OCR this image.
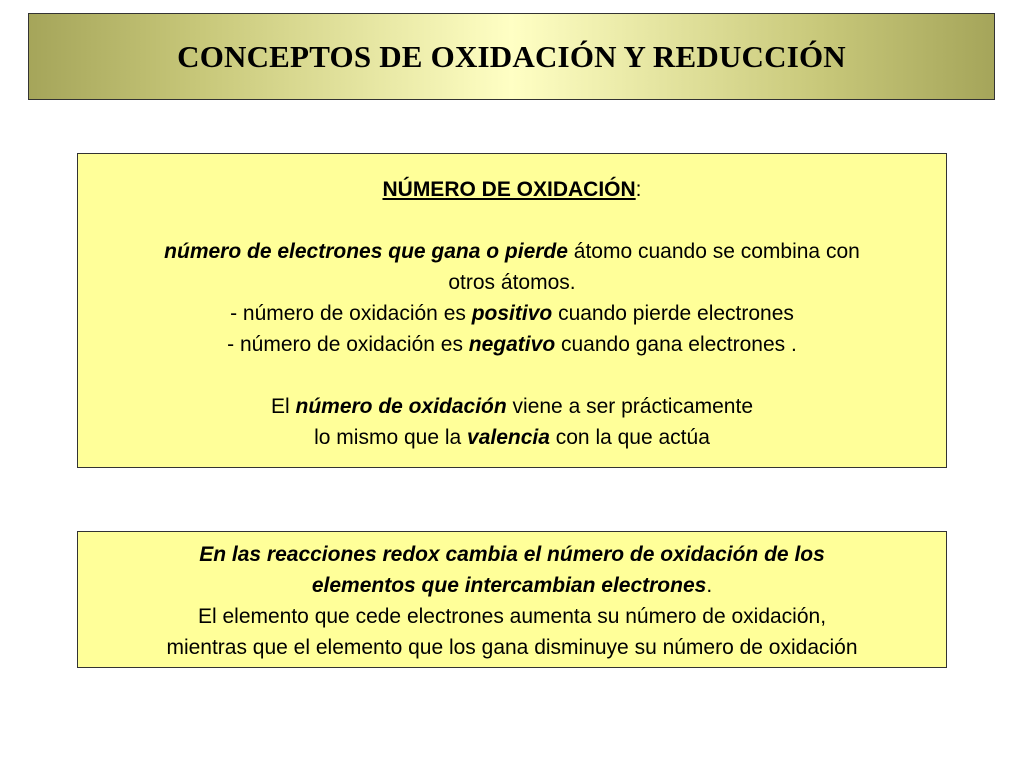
CONCEPTOS DE OXIDACIÓN Y REDUCCIÓN
NÚMERO DE OXIDACIÓN:
número de electrones que gana o pierde átomo cuando se combina con
otros átomos.
- número de oxidación es positivo cuando pierde electrones
- número de oxidación es negativo cuando gana electrones .
El número de oxidación viene a ser prácticamente
lo mismo que la valencia con la que actúa
En las reacciones redox cambia el número de oxidación de los
elementos que intercambian electrones.
El elemento que cede electrones aumenta su número de oxidación,
mientras que el elemento que los gana disminuye su número de oxidación
